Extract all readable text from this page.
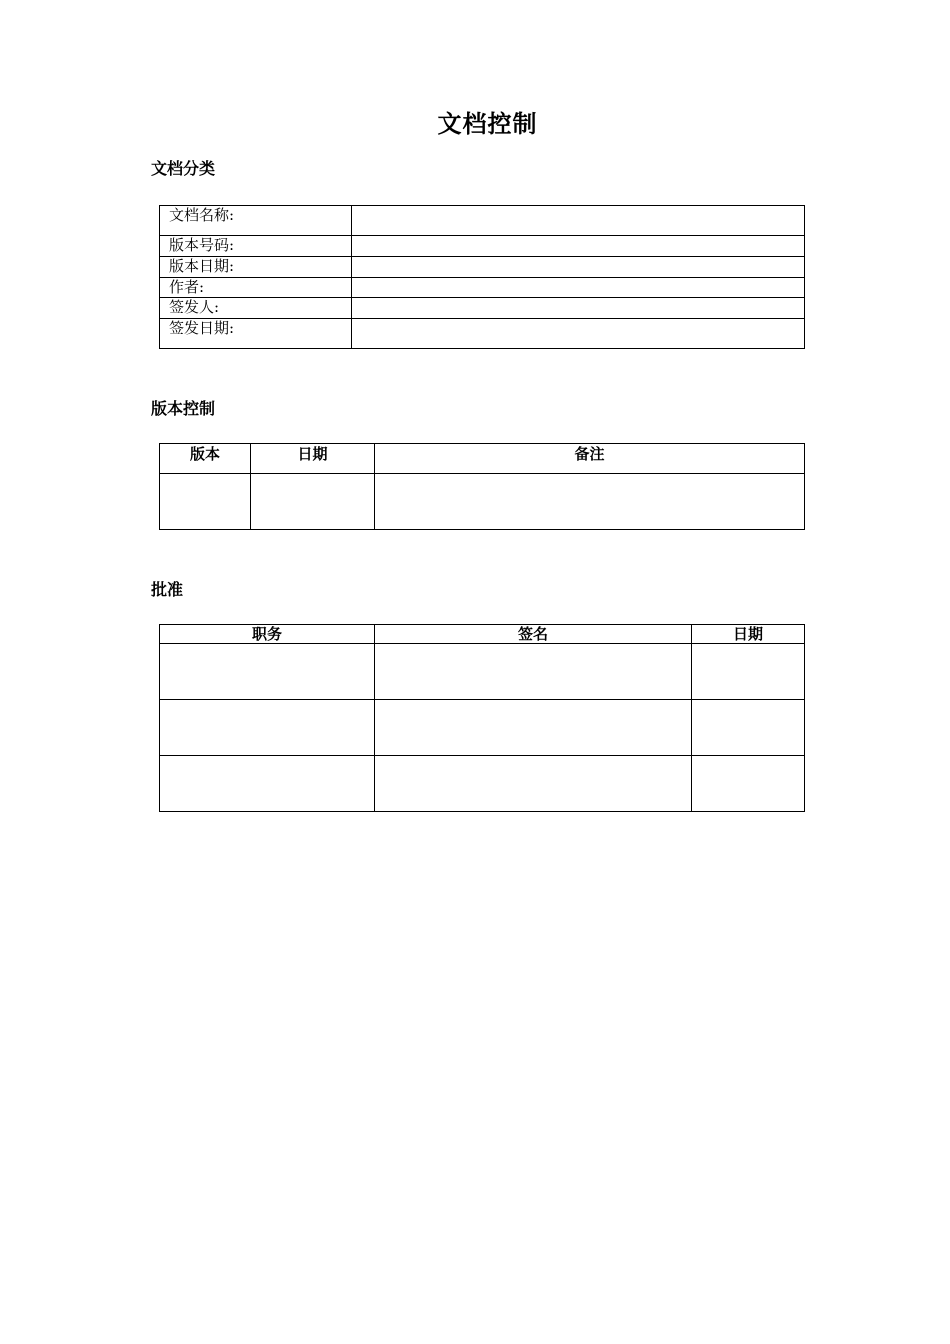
文档控制
文档分类
文档名称:	
版本号码:	
版本日期:	
作者:	
签发人:	
签发日期:	
版本控制
版本	日期	备注

批准
职务	签名	日期
